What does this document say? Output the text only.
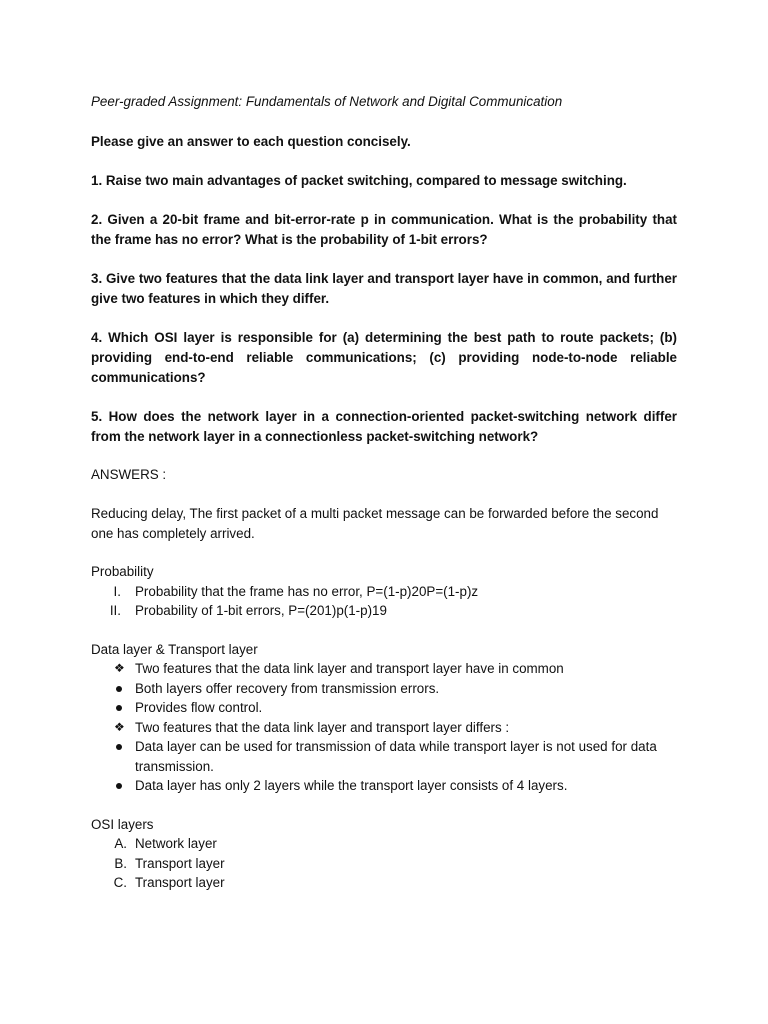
Peer-graded Assignment: Fundamentals of Network and Digital Communication

Please give an answer to each question concisely.

1. Raise two main advantages of packet switching, compared to message switching.

2. Given a 20-bit frame and bit-error-rate p in communication. What is the probability that the frame has no error? What is the probability of 1-bit errors?

3. Give two features that the data link layer and transport layer have in common, and further give two features in which they differ.

4. Which OSI layer is responsible for (a) determining the best path to route packets; (b) providing end-to-end reliable communications; (c) providing node-to-node reliable communications?

5. How does the network layer in a connection-oriented packet-switching network differ from the network layer in a connectionless packet-switching network?

ANSWERS :

Reducing delay, The first packet of a multi packet message can be forwarded before the second one has completely arrived.

Probability

I. Probability that the frame has no error, P=(1-p)20P=(1-p)z
II. Probability of 1-bit errors, P=(201)p(1-p)19

Data layer & Transport layer

❖ Two features that the data link layer and transport layer have in common
Both layers offer recovery from transmission errors.
Provides flow control.
❖ Two features that the data link layer and transport layer differs :
Data layer can be used for transmission of data while transport layer is not used for data transmission.
Data layer has only 2 layers while the transport layer consists of 4 layers.

OSI layers

A. Network layer
B. Transport layer
C. Transport layer
